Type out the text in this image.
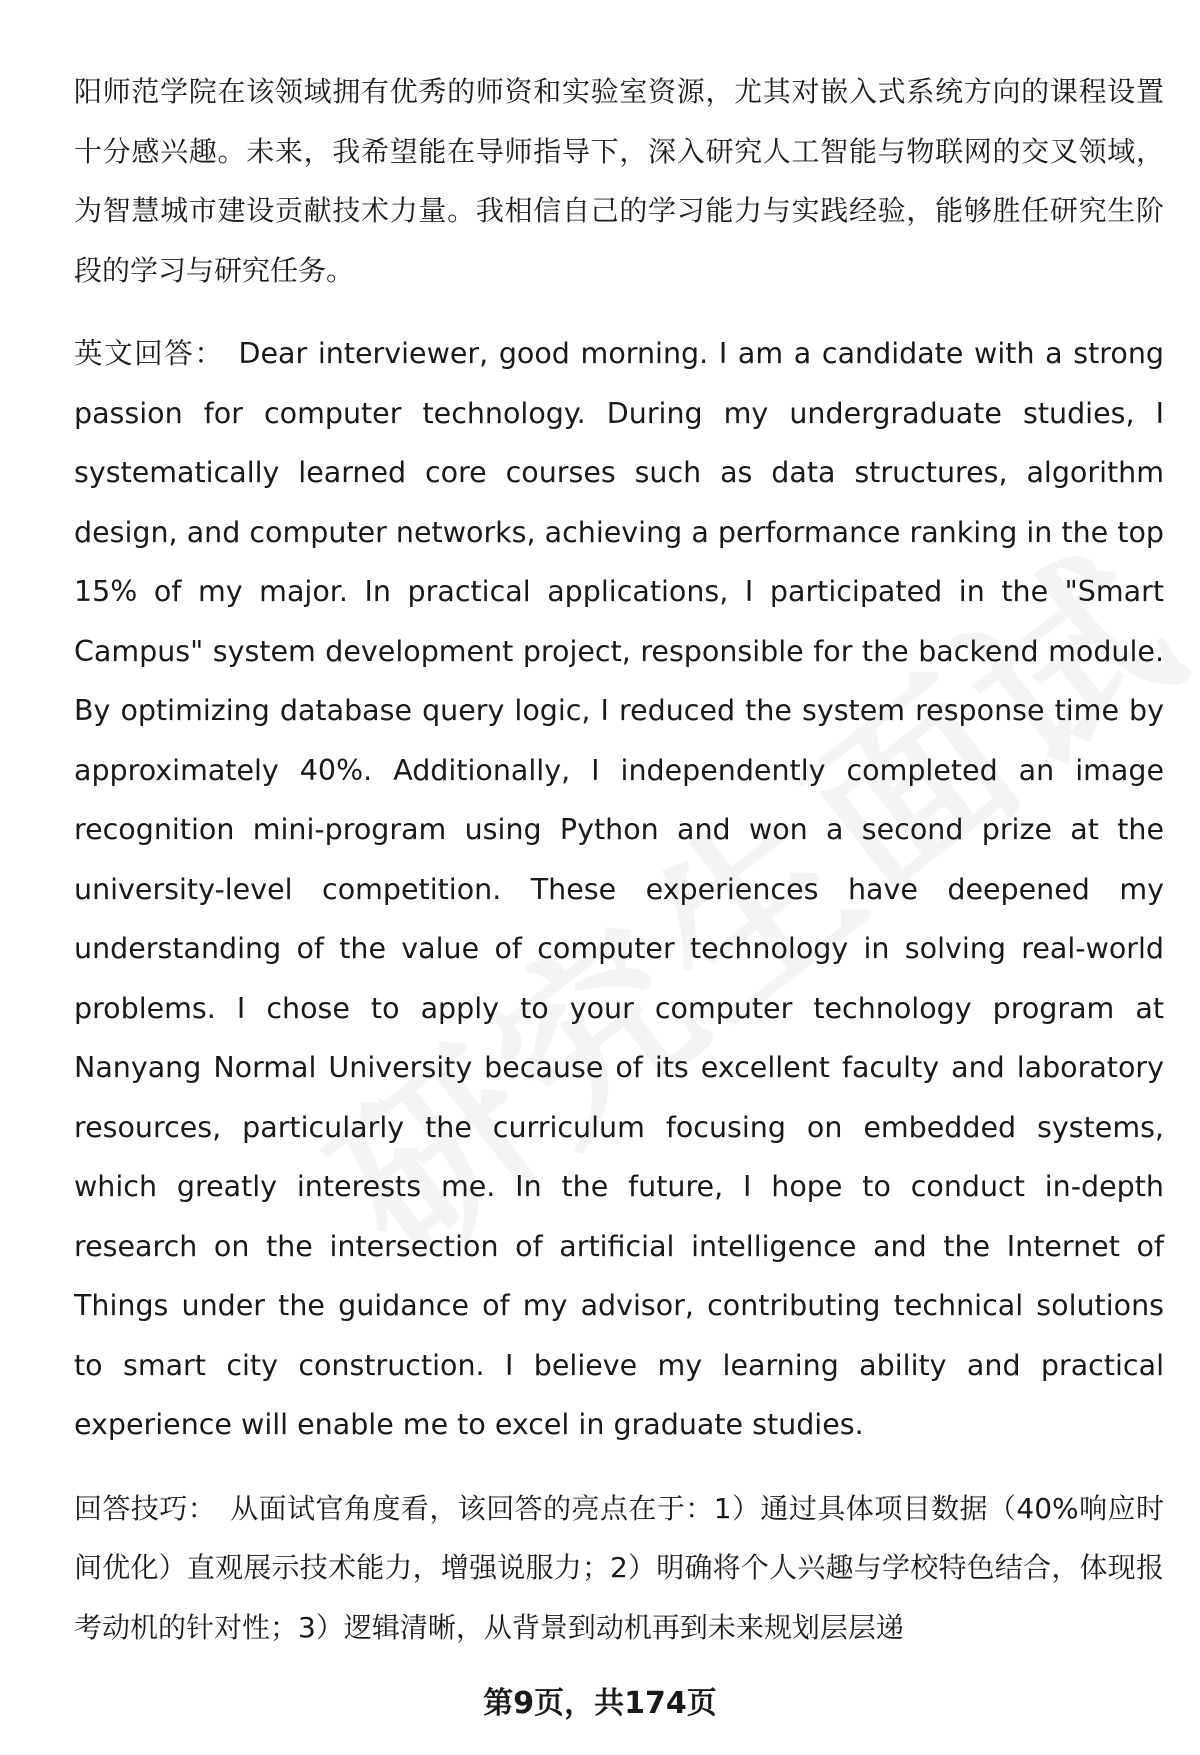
阳师范学院在该领域拥有优秀的师资和实验室资源，尤其对嵌入式系统方向的课程设置十分感兴趣。未来，我希望能在导师指导下，深入研究人工智能与物联网的交叉领域，为智慧城市建设贡献技术力量。我相信自己的学习能力与实践经验，能够胜任研究生阶段的学习与研究任务。

英文回答： Dear interviewer, good morning. I am a candidate with a strong passion for computer technology. During my undergraduate studies, I systematically learned core courses such as data structures, algorithm design, and computer networks, achieving a performance ranking in the top 15% of my major. In practical applications, I participated in the "Smart Campus" system development project, responsible for the backend module. By optimizing database query logic, I reduced the system response time by approximately 40%. Additionally, I independently completed an image recognition mini-program using Python and won a second prize at the university-level competition. These experiences have deepened my understanding of the value of computer technology in solving real-world problems. I chose to apply to your computer technology program at Nanyang Normal University because of its excellent faculty and laboratory resources, particularly the curriculum focusing on embedded systems, which greatly interests me. In the future, I hope to conduct in-depth research on the intersection of artificial intelligence and the Internet of Things under the guidance of my advisor, contributing technical solutions to smart city construction. I believe my learning ability and practical experience will enable me to excel in graduate studies.

回答技巧： 从面试官角度看，该回答的亮点在于：1）通过具体项目数据（40%响应时间优化）直观展示技术能力，增强说服力；2）明确将个人兴趣与学校特色结合，体现报考动机的针对性；3）逻辑清晰，从背景到动机再到未来规划层层递

第9页，共174页
